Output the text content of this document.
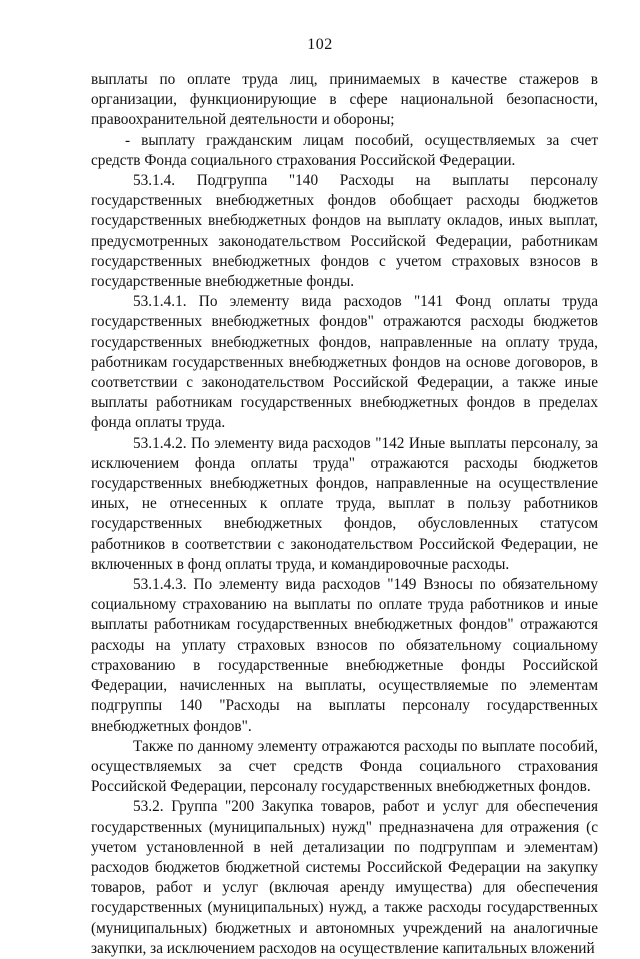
102

выплаты по оплате труда лиц, принимаемых в качестве стажеров в организации, функционирующие в сфере национальной безопасности, правоохранительной деятельности и обороны;

- выплату гражданским лицам пособий, осуществляемых за счет средств Фонда социального страхования Российской Федерации.

53.1.4. Подгруппа "140 Расходы на выплаты персоналу государственных внебюджетных фондов обобщает расходы бюджетов государственных внебюджетных фондов на выплату окладов, иных выплат, предусмотренных законодательством Российской Федерации, работникам государственных внебюджетных фондов с учетом страховых взносов в государственные внебюджетные фонды.

53.1.4.1. По элементу вида расходов "141 Фонд оплаты труда государственных внебюджетных фондов" отражаются расходы бюджетов государственных внебюджетных фондов, направленные на оплату труда, работникам государственных внебюджетных фондов на основе договоров, в соответствии с законодательством Российской Федерации, а также иные выплаты работникам государственных внебюджетных фондов в пределах фонда оплаты труда.

53.1.4.2. По элементу вида расходов "142 Иные выплаты персоналу, за исключением фонда оплаты труда" отражаются расходы бюджетов государственных внебюджетных фондов, направленные на осуществление иных, не отнесенных к оплате труда, выплат в пользу работников государственных внебюджетных фондов, обусловленных статусом работников в соответствии с законодательством Российской Федерации, не включенных в фонд оплаты труда, и командировочные расходы.

53.1.4.3. По элементу вида расходов "149 Взносы по обязательному социальному страхованию на выплаты по оплате труда работников и иные выплаты работникам государственных внебюджетных фондов" отражаются расходы на уплату страховых взносов по обязательному социальному страхованию в государственные внебюджетные фонды Российской Федерации, начисленных на выплаты, осуществляемые по элементам подгруппы 140 "Расходы на выплаты персоналу государственных внебюджетных фондов".

Также по данному элементу отражаются расходы по выплате пособий, осуществляемых за счет средств Фонда социального страхования Российской Федерации, персоналу государственных внебюджетных фондов.

53.2. Группа "200 Закупка товаров, работ и услуг для обеспечения государственных (муниципальных) нужд" предназначена для отражения (с учетом установленной в ней детализации по подгруппам и элементам) расходов бюджетов бюджетной системы Российской Федерации на закупку товаров, работ и услуг (включая аренду имущества) для обеспечения государственных (муниципальных) нужд, а также расходы государственных (муниципальных) бюджетных и автономных учреждений на аналогичные закупки, за исключением расходов на осуществление капитальных вложений
